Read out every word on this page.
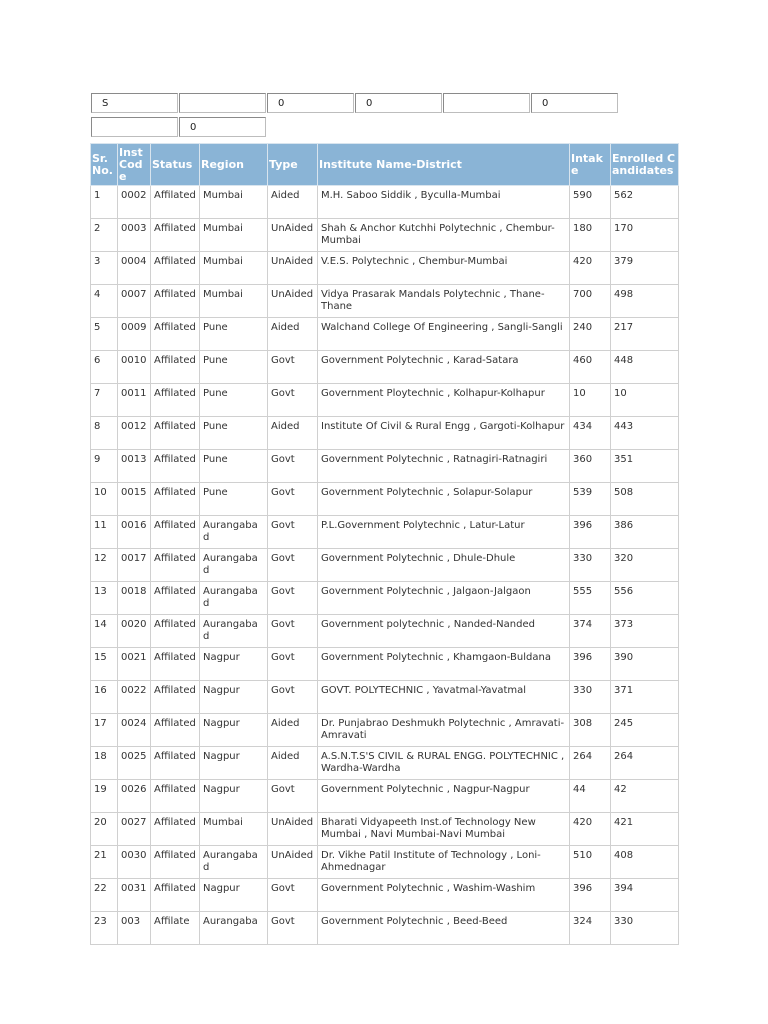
S
0
0
0
0
Sr. No.	Inst Code	Status	Region	Type	Institute Name-District	Intake	Enrolled Candidates
1	0002	Affilated	Mumbai	Aided	M.H. Saboo Siddik , Byculla-Mumbai	590	562
2	0003	Affilated	Mumbai	UnAided	Shah & Anchor Kutchhi Polytechnic , Chembur-Mumbai	180	170
3	0004	Affilated	Mumbai	UnAided	V.E.S. Polytechnic , Chembur-Mumbai	420	379
4	0007	Affilated	Mumbai	UnAided	Vidya Prasarak Mandals Polytechnic , Thane-Thane	700	498
5	0009	Affilated	Pune	Aided	Walchand College Of Engineering , Sangli-Sangli	240	217
6	0010	Affilated	Pune	Govt	Government Polytechnic , Karad-Satara	460	448
7	0011	Affilated	Pune	Govt	Government Ploytechnic , Kolhapur-Kolhapur	10	10
8	0012	Affilated	Pune	Aided	Institute Of Civil & Rural Engg , Gargoti-Kolhapur	434	443
9	0013	Affilated	Pune	Govt	Government Polytechnic , Ratnagiri-Ratnagiri	360	351
10	0015	Affilated	Pune	Govt	Government Polytechnic , Solapur-Solapur	539	508
11	0016	Affilated	Aurangabad	Govt	P.L.Government Polytechnic , Latur-Latur	396	386
12	0017	Affilated	Aurangabad	Govt	Government Polytechnic , Dhule-Dhule	330	320
13	0018	Affilated	Aurangabad	Govt	Government Polytechnic , Jalgaon-Jalgaon	555	556
14	0020	Affilated	Aurangabad	Govt	Government polytechnic , Nanded-Nanded	374	373
15	0021	Affilated	Nagpur	Govt	Government Polytechnic , Khamgaon-Buldana	396	390
16	0022	Affilated	Nagpur	Govt	GOVT. POLYTECHNIC , Yavatmal-Yavatmal	330	371
17	0024	Affilated	Nagpur	Aided	Dr. Punjabrao Deshmukh Polytechnic , Amravati-Amravati	308	245
18	0025	Affilated	Nagpur	Aided	A.S.N.T.S'S CIVIL & RURAL ENGG. POLYTECHNIC , Wardha-Wardha	264	264
19	0026	Affilated	Nagpur	Govt	Government Polytechnic , Nagpur-Nagpur	44	42
20	0027	Affilated	Mumbai	UnAided	Bharati Vidyapeeth Inst.of Technology New Mumbai , Navi Mumbai-Navi Mumbai	420	421
21	0030	Affilated	Aurangabad	UnAided	Dr. Vikhe Patil Institute of Technology , Loni-Ahmednagar	510	408
22	0031	Affilated	Nagpur	Govt	Government Polytechnic , Washim-Washim	396	394
23	003	Affilate	Aurangaba	Govt	Government Polytechnic , Beed-Beed	324	330
